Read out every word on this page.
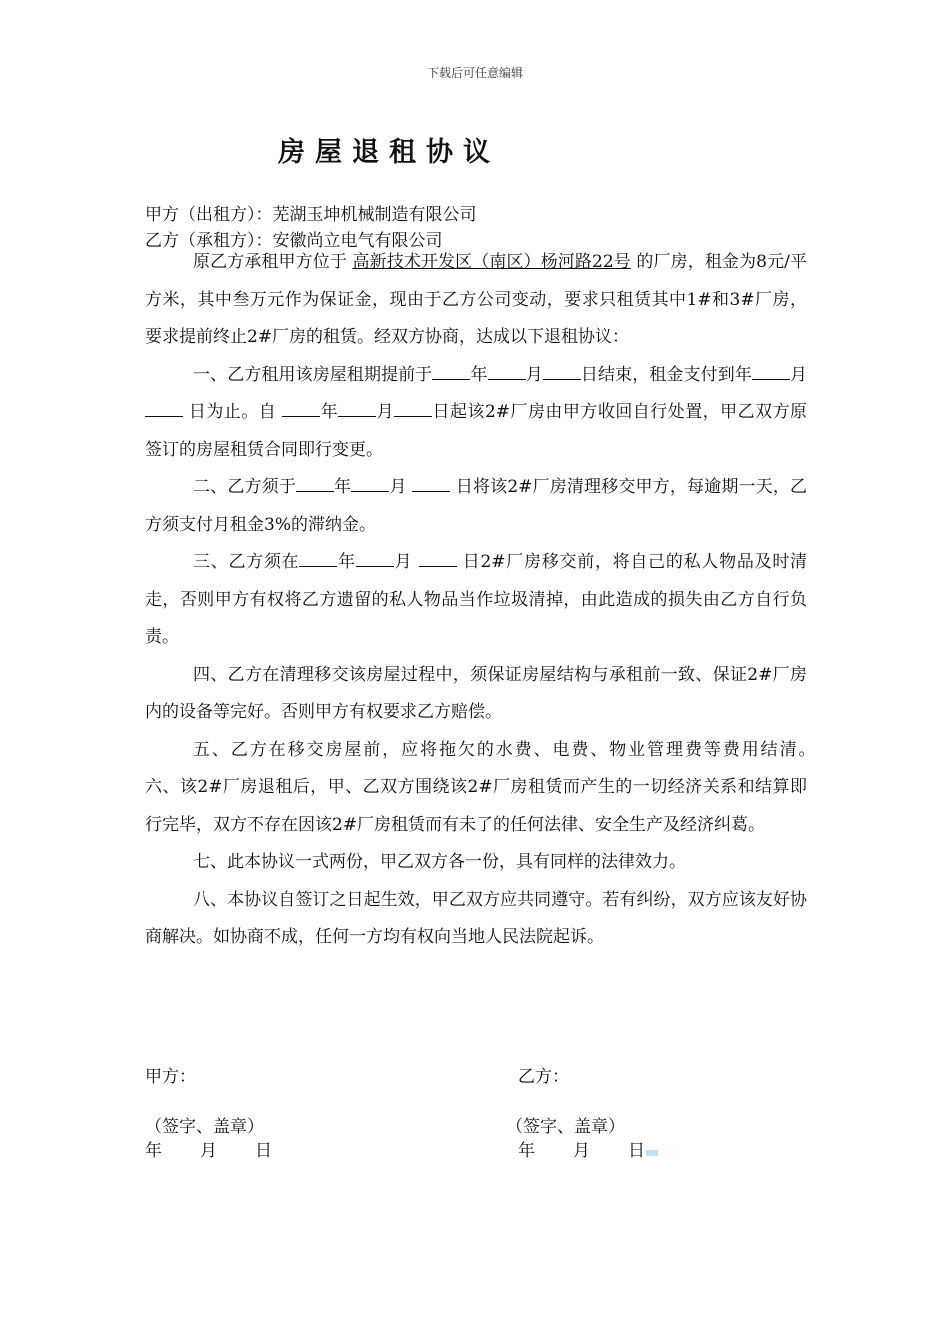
下载后可任意编辑
房屋退租协议
甲方（出租方）：芜湖玉坤机械制造有限公司
乙方（承租方）：安徽尚立电气有限公司

原乙方承租甲方位于 高新技术开发区（南区）杨河路22号 的厂房，租金为8元/平方米，其中叁万元作为保证金，现由于乙方公司变动，要求只租赁其中1#和3#厂房，要求提前终止2#厂房的租赁。经双方协商，达成以下退租协议：

一、乙方租用该房屋租期提前于 年 月 日结束，租金支付到年 月  日为止。自	年 月 日起该2#厂房由甲方收回自行处置，甲乙双方原签订的房屋租赁合同即行变更。

二、乙方须于 年 月	日将该2#厂房清理移交甲方，每逾期一天，乙方须支付月租金3%的滞纳金。

三、乙方须在 年 月	日2#厂房移交前，将自己的私人物品及时清走，否则甲方有权将乙方遗留的私人物品当作垃圾清掉，由此造成的损失由乙方自行负责。

四、乙方在清理移交该房屋过程中，须保证房屋结构与承租前一致、保证2#厂房内的设备等完好。否则甲方有权要求乙方赔偿。

五、乙方在移交房屋前，应将拖欠的水费、电费、物业管理费等费用结清。　　　六、该2#厂房退租后，甲、乙双方围绕该2#厂房租赁而产生的一切经济关系和结算即行完毕，双方不存在因该2#厂房租赁而有未了的任何法律、安全生产及经济纠葛。

七、此本协议一式两份，甲乙双方各一份，具有同样的法律效力。

八、本协议自签订之日起生效，甲乙双方应共同遵守。若有纠纷，双方应该友好协商解决。如协商不成，任何一方均有权向当地人民法院起诉。

甲方：	乙方：
（签字、盖章）	（签字、盖章）
年 月 日	年 月 日
